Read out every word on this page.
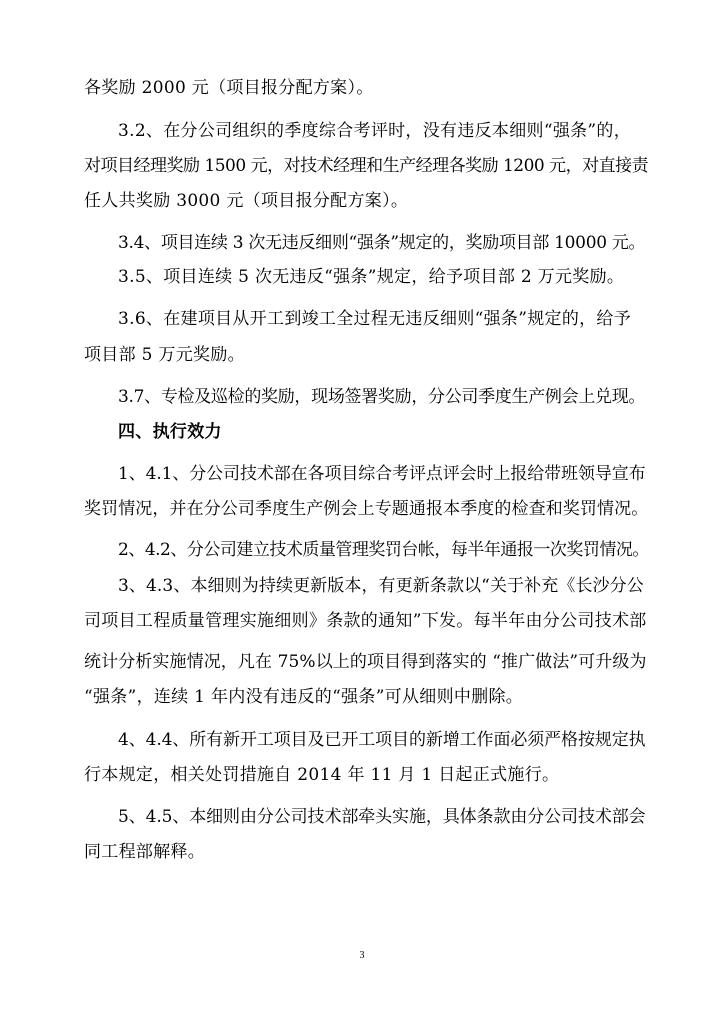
各奖励 2000 元（项目报分配方案）。
3.2、在分公司组织的季度综合考评时，没有违反本细则“强条”的，
对项目经理奖励 1500 元，对技术经理和生产经理各奖励 1200 元，对直接责
任人共奖励 3000 元（项目报分配方案）。
3.4、项目连续 3 次无违反细则“强条”规定的，奖励项目部 10000 元。
3.5、项目连续 5 次无违反“强条”规定，给予项目部 2 万元奖励。
3.6、在建项目从开工到竣工全过程无违反细则“强条”规定的，给予
项目部 5 万元奖励。
3.7、专检及巡检的奖励，现场签署奖励，分公司季度生产例会上兑现。
四、执行效力
1、4.1、分公司技术部在各项目综合考评点评会时上报给带班领导宣布
奖罚情况，并在分公司季度生产例会上专题通报本季度的检查和奖罚情况。
2、4.2、分公司建立技术质量管理奖罚台帐，每半年通报一次奖罚情况。
3、4.3、本细则为持续更新版本，有更新条款以“关于补充《长沙分公
司项目工程质量管理实施细则》条款的通知”下发。每半年由分公司技术部
统计分析实施情况，凡在 75%以上的项目得到落实的 “推广做法”可升级为
“强条”，连续 1 年内没有违反的“强条”可从细则中删除。
4、4.4、所有新开工项目及已开工项目的新增工作面必须严格按规定执
行本规定，相关处罚措施自 2014 年 11 月 1 日起正式施行。
5、4.5、本细则由分公司技术部牵头实施，具体条款由分公司技术部会
同工程部解释。
3
